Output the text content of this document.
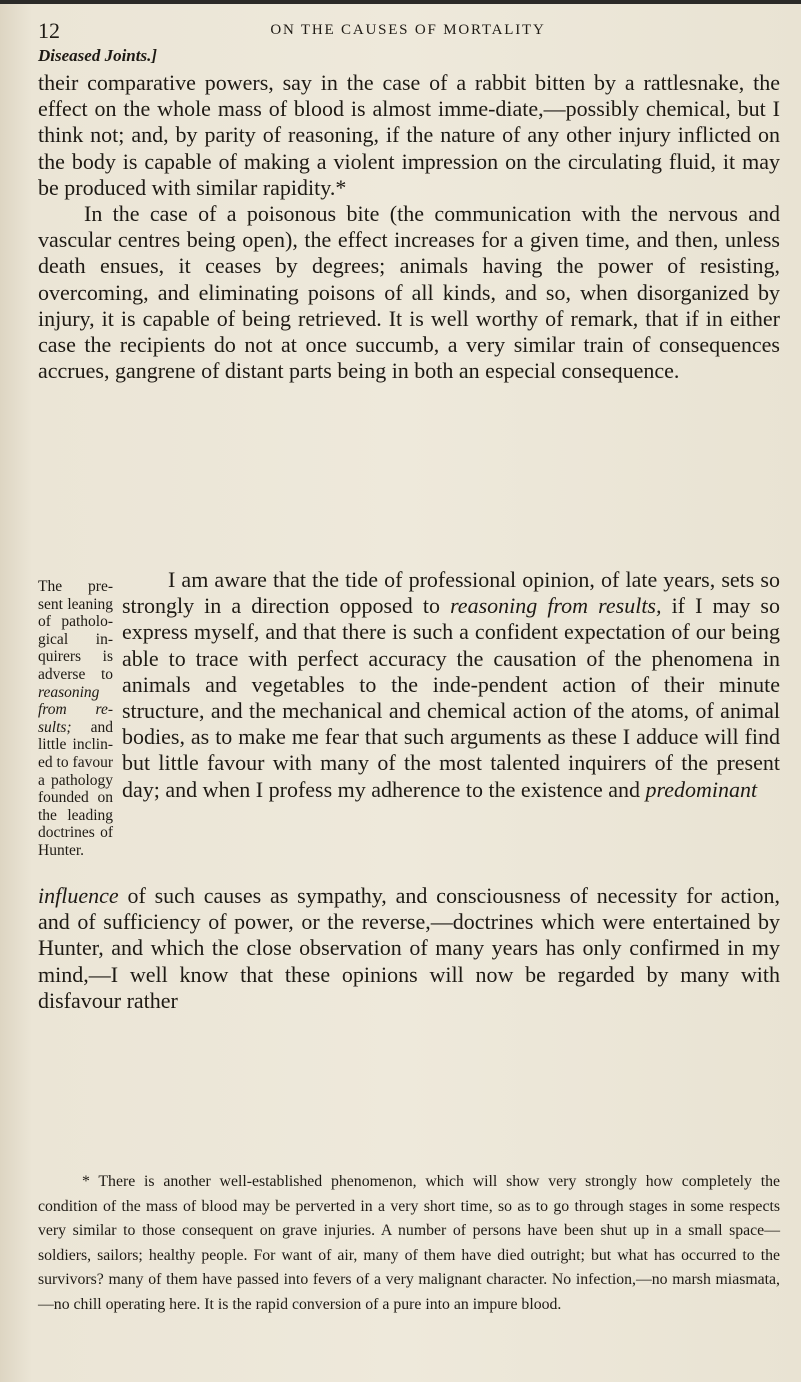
12	ON THE CAUSES OF MORTALITY
Diseased Joints.]

their comparative powers, say in the case of a rabbit bitten by a rattlesnake, the effect on the whole mass of blood is almost imme-diate,—possibly chemical, but I think not; and, by parity of reasoning, if the nature of any other injury inflicted on the body is capable of making a violent impression on the circulating fluid, it may be produced with similar rapidity.*

In the case of a poisonous bite (the communication with the nervous and vascular centres being open), the effect increases for a given time, and then, unless death ensues, it ceases by degrees; animals having the power of resisting, overcoming, and eliminating poisons of all kinds, and so, when disorganized by injury, it is capable of being retrieved. It is well worthy of remark, that if in either case the recipients do not at once succumb, a very similar train of consequences accrues, gangrene of distant parts being in both an especial consequence.

The pre-sent leaning of patholo-gical in-quirers is adverse to reasoning from re-sults; and little inclin-ed to favour a pathology founded on the leading doctrines of Hunter.

I am aware that the tide of professional opinion, of late years, sets so strongly in a direction opposed to reasoning from results, if I may so express myself, and that there is such a confident expectation of our being able to trace with perfect accuracy the causation of the phenomena in animals and vegetables to the inde-pendent action of their minute structure, and the mechanical and chemical action of the atoms, of animal bodies, as to make me fear that such arguments as these I adduce will find but little favour with many of the most talented inquirers of the present day; and when I profess my adherence to the existence and predominant

influence of such causes as sympathy, and consciousness of necessity for action, and of sufficiency of power, or the reverse,—doctrines which were entertained by Hunter, and which the close observation of many years has only confirmed in my mind,—I well know that these opinions will now be regarded by many with disfavour rather

* There is another well-established phenomenon, which will show very strongly how completely the condition of the mass of blood may be perverted in a very short time, so as to go through stages in some respects very similar to those consequent on grave injuries. A number of persons have been shut up in a small space—soldiers, sailors; healthy people. For want of air, many of them have died outright; but what has occurred to the survivors? many of them have passed into fevers of a very malignant character. No infection,—no marsh miasmata,—no chill operating here. It is the rapid conversion of a pure into an impure blood.
